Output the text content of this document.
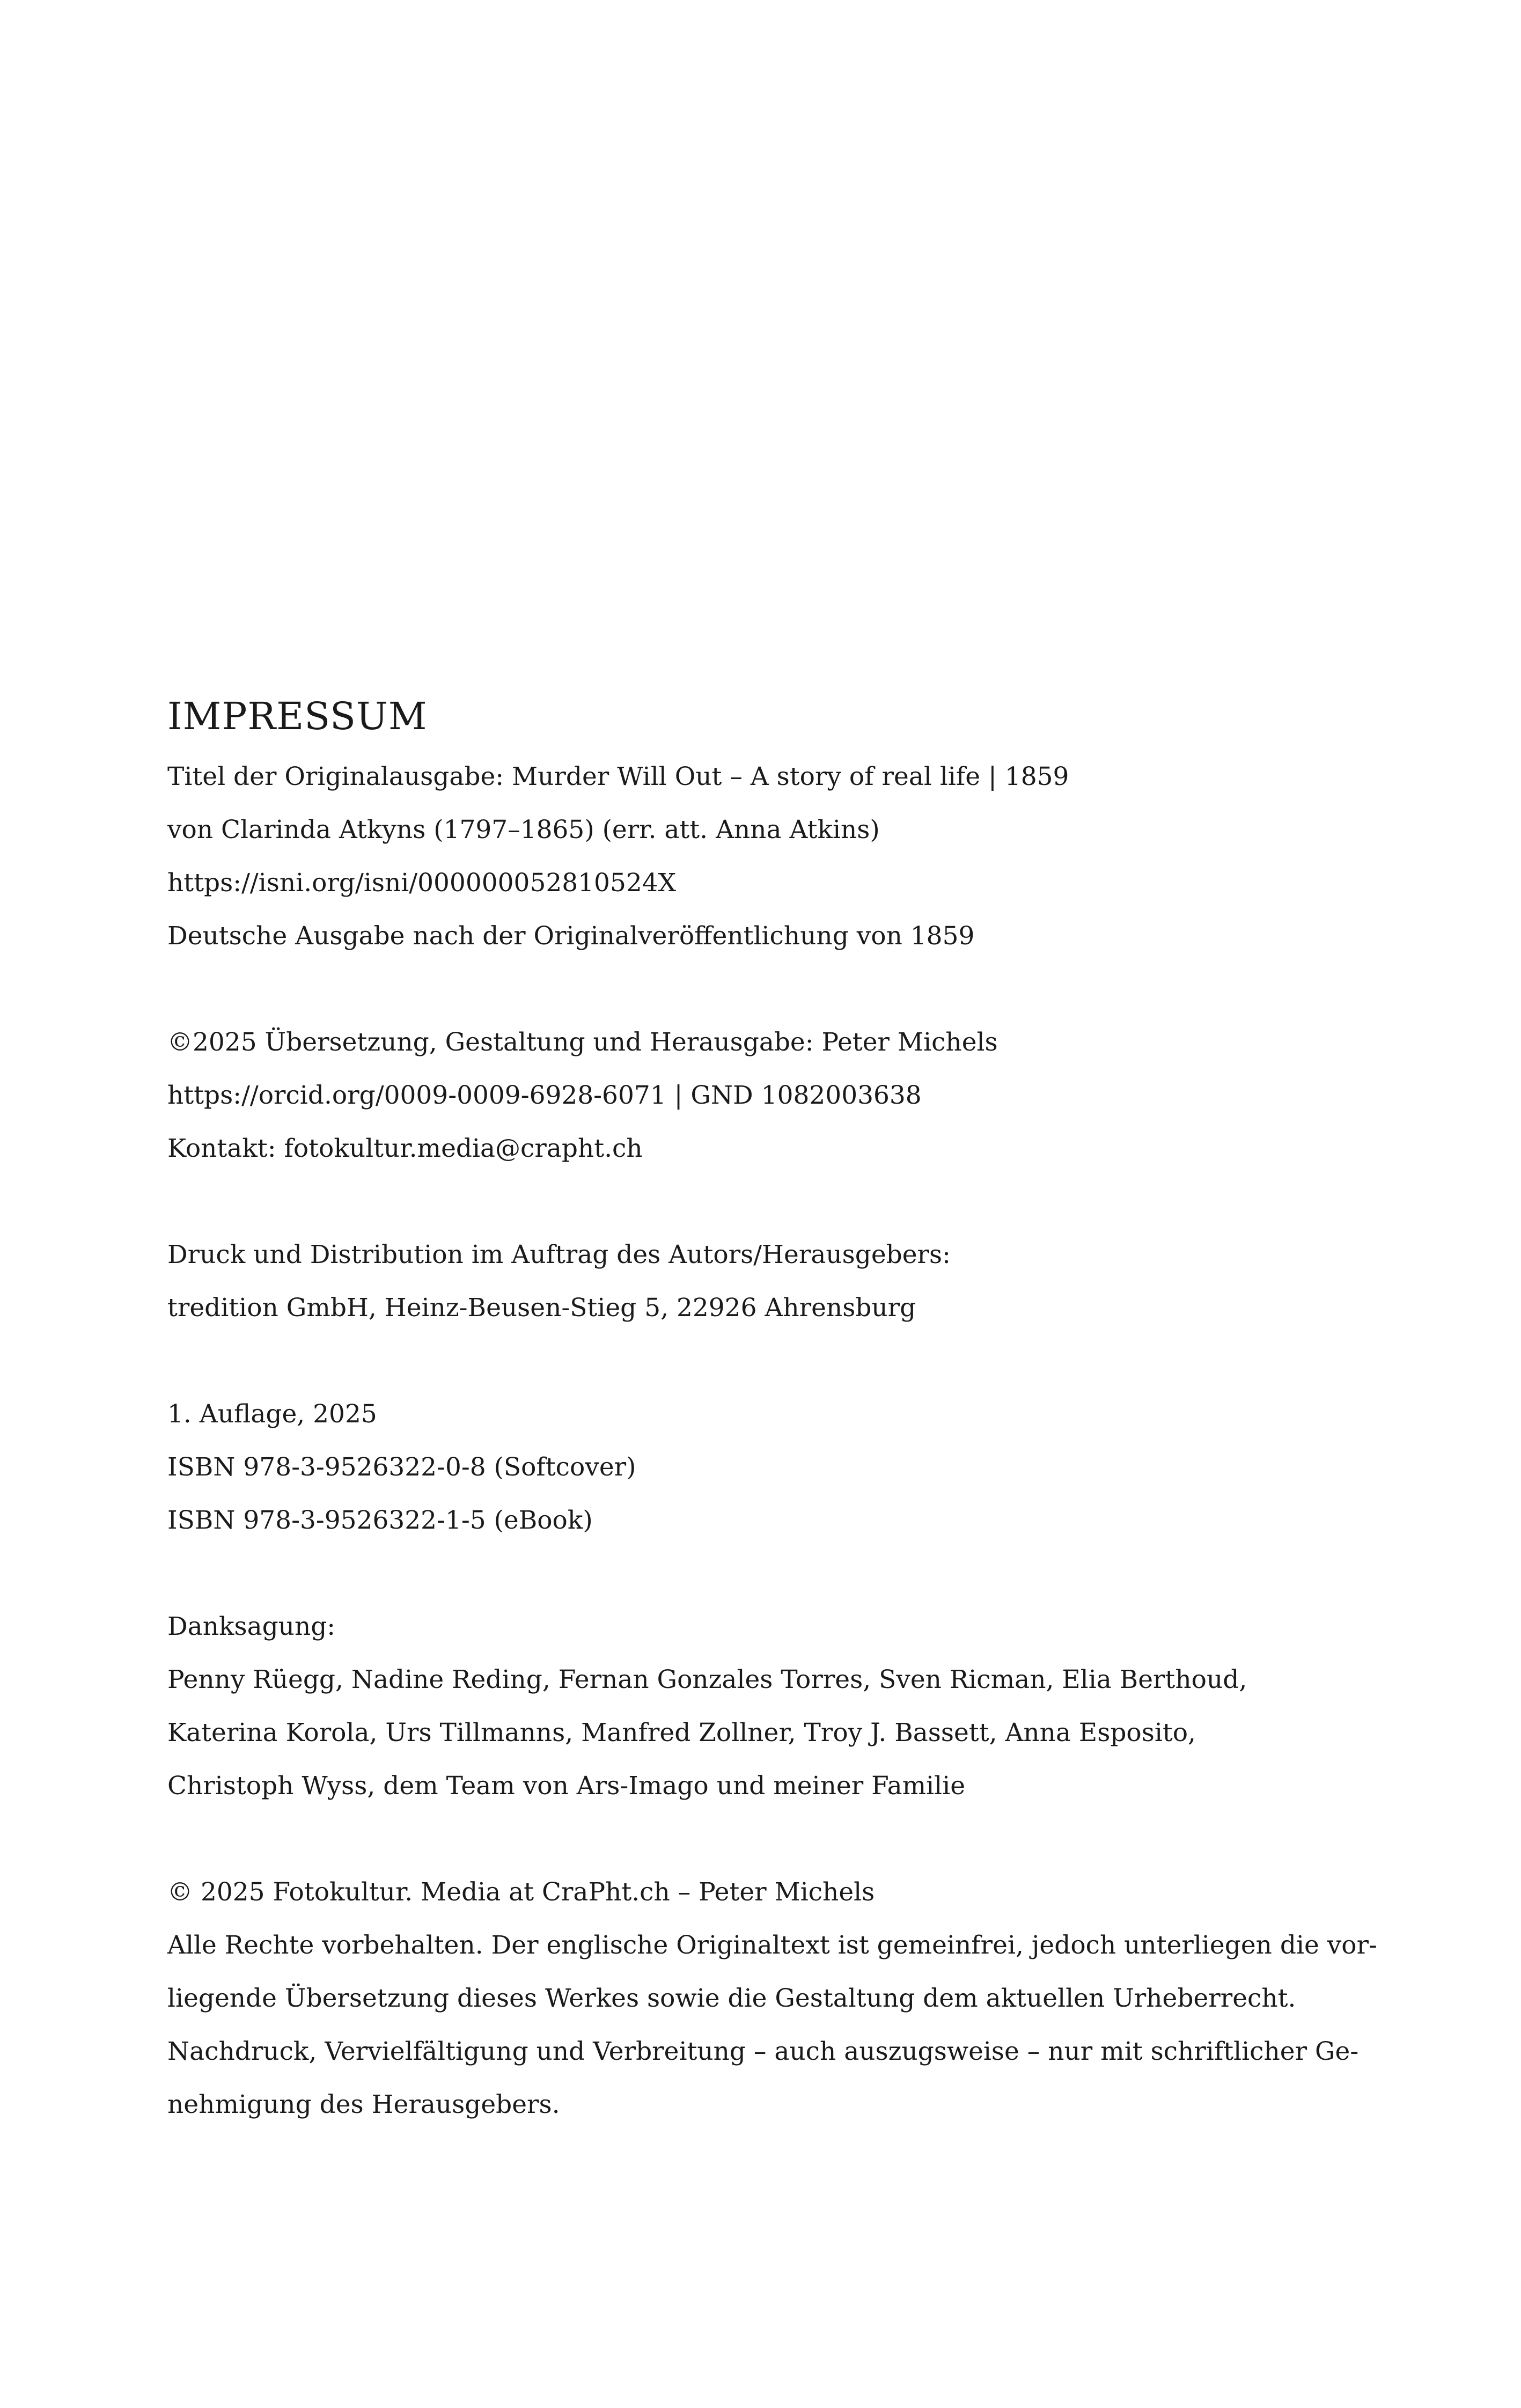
IMPRESSUM
Titel der Originalausgabe: Murder Will Out – A story of real life | 1859
von Clarinda Atkyns (1797–1865) (err. att. Anna Atkins)
https://isni.org/isni/000000052810524X
Deutsche Ausgabe nach der Originalveröffentlichung von 1859
©2025 Übersetzung, Gestaltung und Herausgabe: Peter Michels
https://orcid.org/0009-0009-6928-6071 | GND 1082003638
Kontakt: fotokultur.media@crapht.ch
Druck und Distribution im Auftrag des Autors/Herausgebers:
tredition GmbH, Heinz-Beusen-Stieg 5, 22926 Ahrensburg
1. Auflage, 2025
ISBN 978-3-9526322-0-8 (Softcover)
ISBN 978-3-9526322-1-5 (eBook)
Danksagung:
Penny Rüegg, Nadine Reding, Fernan Gonzales Torres, Sven Ricman, Elia Berthoud,
Katerina Korola, Urs Tillmanns, Manfred Zollner, Troy J. Bassett, Anna Esposito,
Christoph Wyss, dem Team von Ars-Imago und meiner Familie
© 2025 Fotokultur. Media at CraPht.ch – Peter Michels
Alle Rechte vorbehalten. Der englische Originaltext ist gemeinfrei, jedoch unterliegen die vor-
liegende Übersetzung dieses Werkes sowie die Gestaltung dem aktuellen Urheberrecht.
Nachdruck, Vervielfältigung und Verbreitung – auch auszugsweise – nur mit schriftlicher Ge-
nehmigung des Herausgebers.
